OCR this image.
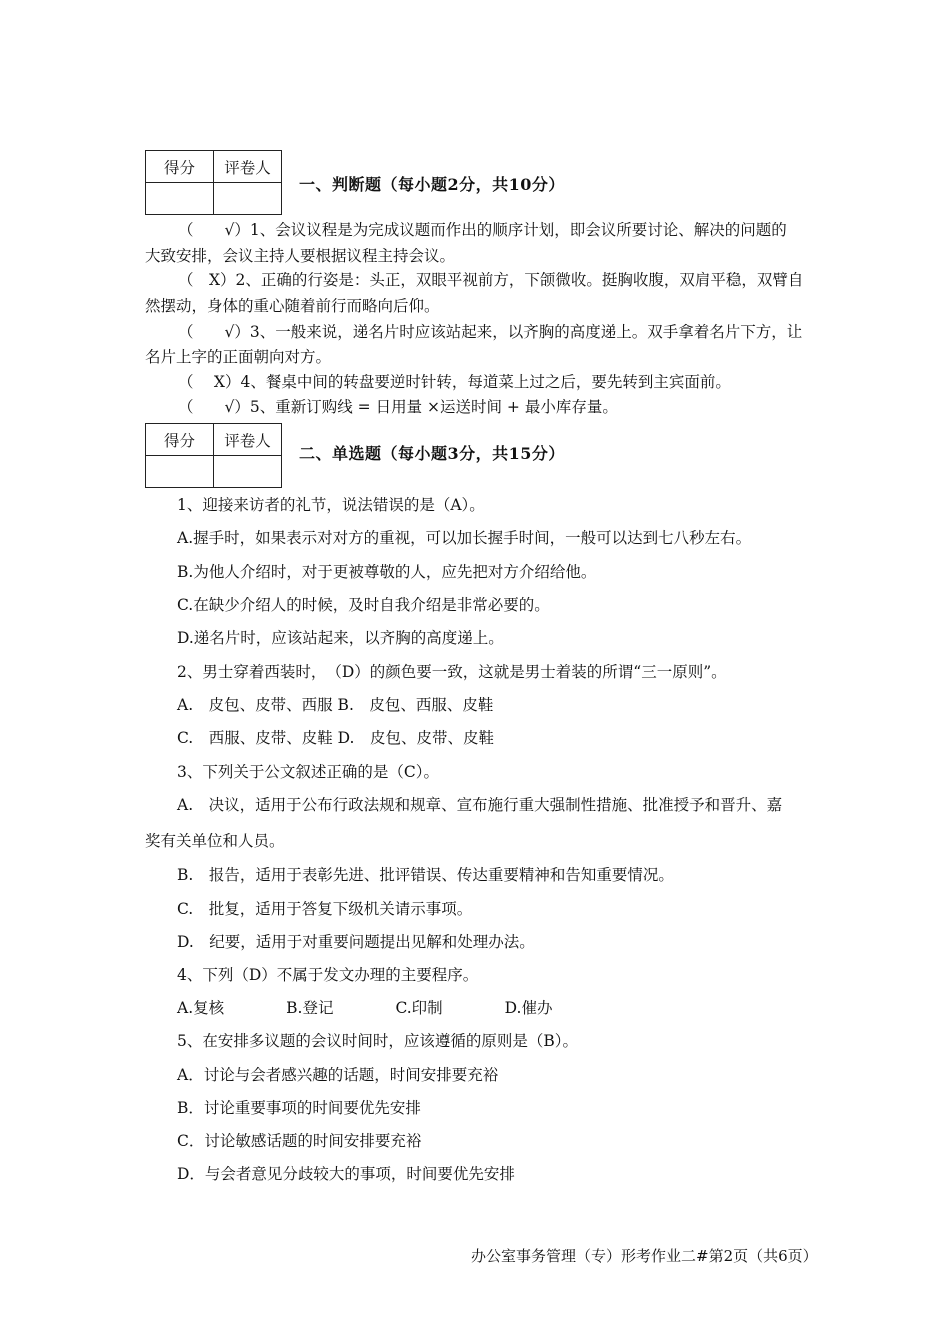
得分	评卷人

一、判断题（每小题2分，共10分）
（　　√）1、会议议程是为完成议题而作出的顺序计划，即会议所要讨论、解决的问题的
大致安排，会议主持人要根据议程主持会议。
（　X）2、正确的行姿是：头正，双眼平视前方，下颌微收。挺胸收腹，双肩平稳，双臂自
然摆动，身体的重心随着前行而略向后仰。
（　　√）3、一般来说，递名片时应该站起来，以齐胸的高度递上。双手拿着名片下方，让
名片上字的正面朝向对方。
（　 X）4、餐桌中间的转盘要逆时针转，每道菜上过之后，要先转到主宾面前。
（　　√）5、重新订购线 = 日用量 ×运送时间 + 最小库存量。
得分	评卷人

二、单选题（每小题3分，共15分）
1、迎接来访者的礼节，说法错误的是（A）。
A.握手时，如果表示对对方的重视，可以加长握手时间，一般可以达到七八秒左右。
B.为他人介绍时，对于更被尊敬的人，应先把对方介绍给他。
C.在缺少介绍人的时候，及时自我介绍是非常必要的。
D.递名片时，应该站起来，以齐胸的高度递上。
2、男士穿着西装时，　（D）的颜色要一致，这就是男士着装的所谓“三一原则”。
A.　皮包、皮带、西服 B.　皮包、西服、皮鞋
C.　西服、皮带、皮鞋 D.　皮包、皮带、皮鞋
3、下列关于公文叙述正确的是（C）。
A.　决议，适用于公布行政法规和规章、宣布施行重大强制性措施、批准授予和晋升、嘉
奖有关单位和人员。
B.　报告，适用于表彰先进、批评错误、传达重要精神和告知重要情况。
C.　批复，适用于答复下级机关请示事项。
D.　纪要，适用于对重要问题提出见解和处理办法。
4、下列（D）不属于发文办理的主要程序。
A.复核　　　　B.登记　　　　C.印制　　　　D.催办
5、在安排多议题的会议时间时，应该遵循的原则是（B）。
A．讨论与会者感兴趣的话题，时间安排要充裕
B．讨论重要事项的时间要优先安排
C．讨论敏感话题的时间安排要充裕
D．与会者意见分歧较大的事项，时间要优先安排
办公室事务管理（专）形考作业二#第2页（共6页）
